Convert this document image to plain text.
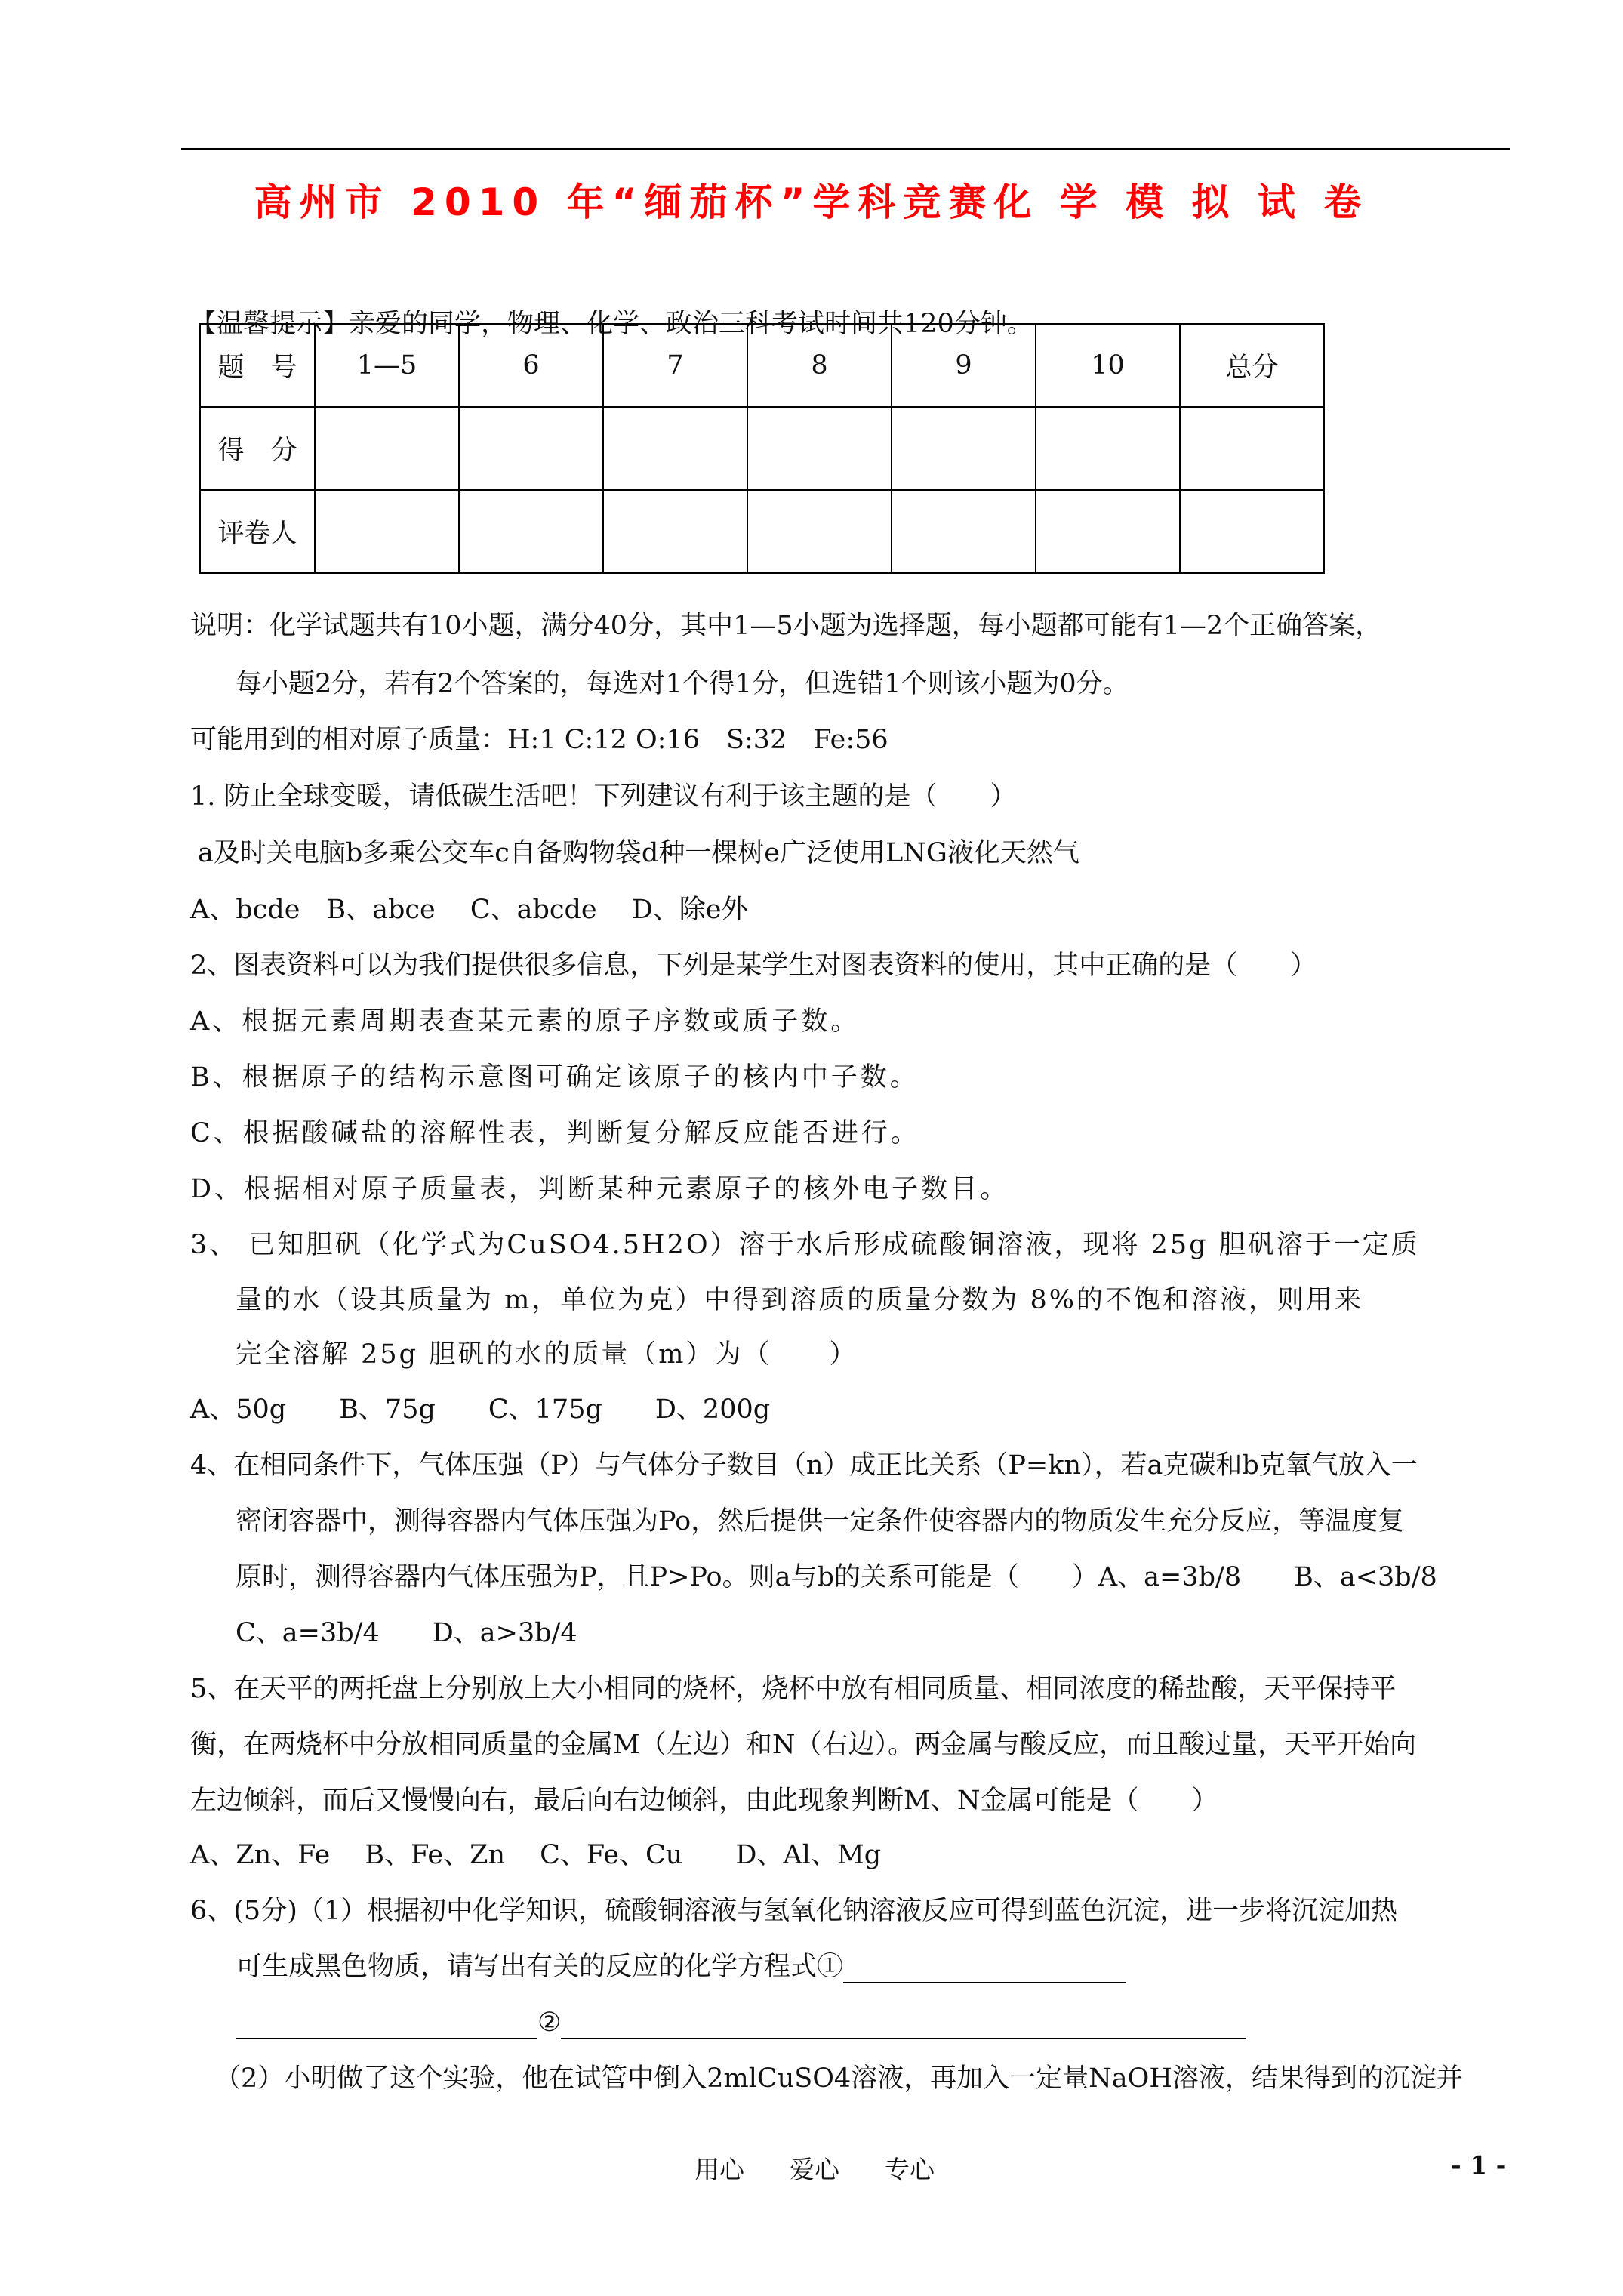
高州市 2010 年“缅茄杯”学科竞赛化 学 模 拟 试 卷
【温馨提示】亲爱的同学，物理、化学、政治三科考试时间共120分钟。
题　号	1—5	6	7	8	9	10	总分
得　分							
评卷人							
说明：化学试题共有10小题，满分40分，其中1—5小题为选择题，每小题都可能有1—2个正确答案，
每小题2分，若有2个答案的，每选对1个得1分，但选错1个则该小题为0分。
可能用到的相对原子质量：H:1 C:12 O:16　S:32　Fe:56
1. 防止全球变暖，请低碳生活吧！下列建议有利于该主题的是（　　）
a及时关电脑b多乘公交车c自备购物袋d种一棵树e广泛使用LNG液化天然气
A、bcde　B、abce　 C、abcde　 D、除e外
2、图表资料可以为我们提供很多信息，下列是某学生对图表资料的使用，其中正确的是（　　）
A、根据元素周期表查某元素的原子序数或质子数。
B、根据原子的结构示意图可确定该原子的核内中子数。
C、根据酸碱盐的溶解性表，判断复分解反应能否进行。
D、根据相对原子质量表，判断某种元素原子的核外电子数目。
3、 已知胆矾（化学式为CuSO4.5H2O）溶于水后形成硫酸铜溶液，现将 25g 胆矾溶于一定质
量的水（设其质量为 m，单位为克）中得到溶质的质量分数为 8%的不饱和溶液，则用来
完全溶解 25g 胆矾的水的质量（m）为（　　）
A、50g　　B、75g　　C、175g　　D、200g
4、在相同条件下，气体压强（P）与气体分子数目（n）成正比关系（P=kn），若a克碳和b克氧气放入一
密闭容器中，测得容器内气体压强为Po，然后提供一定条件使容器内的物质发生充分反应，等温度复
原时，测得容器内气体压强为P，且P>Po。则a与b的关系可能是（　　）A、a=3b/8　　B、a<3b/8
C、a=3b/4　　D、a>3b/4
5、在天平的两托盘上分别放上大小相同的烧杯，烧杯中放有相同质量、相同浓度的稀盐酸，天平保持平
衡，在两烧杯中分放相同质量的金属M（左边）和N（右边）。两金属与酸反应，而且酸过量，天平开始向
左边倾斜，而后又慢慢向右，最后向右边倾斜，由此现象判断M、N金属可能是（　　）
A、Zn、Fe　 B、Fe、Zn　 C、Fe、Cu　　D、Al、Mg
6、(5分)（1）根据初中化学知识，硫酸铜溶液与氢氧化钠溶液反应可得到蓝色沉淀，进一步将沉淀加热
可生成黑色物质，请写出有关的反应的化学方程式①
②
（2）小明做了这个实验，他在试管中倒入2mlCuSO4溶液，再加入一定量NaOH溶液，结果得到的沉淀并
用心 爱心 专心	- 1 -
